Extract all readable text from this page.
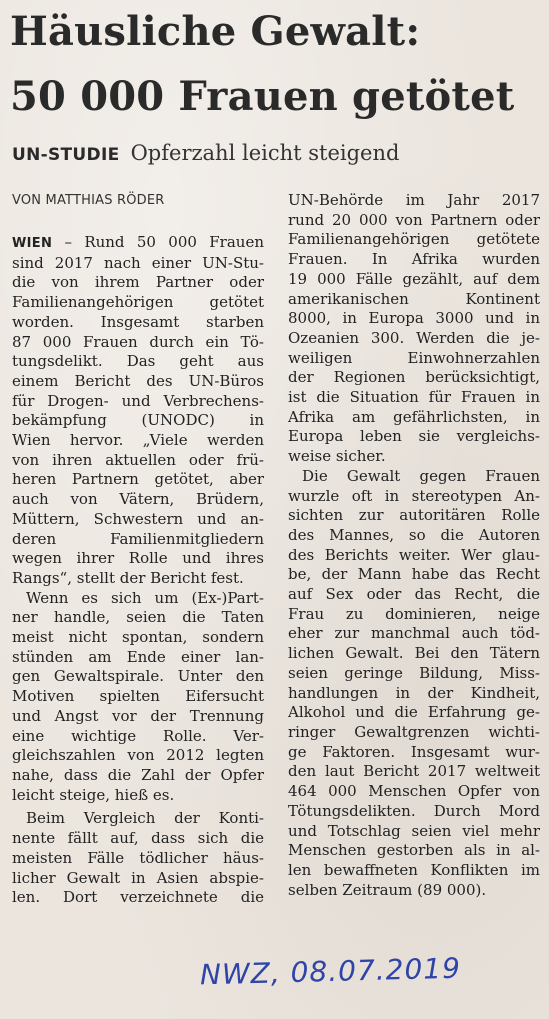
Häusliche Gewalt:
50 000 Frauen getötet
UN-STUDIE Opferzahl leicht steigend
VON MATTHIAS RÖDER
WIEN – Rund 50 000 Frauen
sind 2017 nach einer UN-Stu-
die von ihrem Partner oder
Familienangehörigen getötet
worden. Insgesamt starben
87 000 Frauen durch ein Tö-
tungsdelikt. Das geht aus
einem Bericht des UN-Büros
für Drogen- und Verbrechens-
bekämpfung (UNODC) in
Wien hervor. „Viele werden
von ihren aktuellen oder frü-
heren Partnern getötet, aber
auch von Vätern, Brüdern,
Müttern, Schwestern und an-
deren Familienmitgliedern
wegen ihrer Rolle und ihres
Rangs“, stellt der Bericht fest.
Wenn es sich um (Ex-)Part-
ner handle, seien die Taten
meist nicht spontan, sondern
stünden am Ende einer lan-
gen Gewaltspirale. Unter den
Motiven spielten Eifersucht
und Angst vor der Trennung
eine wichtige Rolle. Ver-
gleichszahlen von 2012 legten
nahe, dass die Zahl der Opfer
leicht steige, hieß es.
Beim Vergleich der Konti-
nente fällt auf, dass sich die
meisten Fälle tödlicher häus-
licher Gewalt in Asien abspie-
len. Dort verzeichnete die
UN-Behörde im Jahr 2017
rund 20 000 von Partnern oder
Familienangehörigen getötete
Frauen. In Afrika wurden
19 000 Fälle gezählt, auf dem
amerikanischen Kontinent
8000, in Europa 3000 und in
Ozeanien 300. Werden die je-
weiligen Einwohnerzahlen
der Regionen berücksichtigt,
ist die Situation für Frauen in
Afrika am gefährlichsten, in
Europa leben sie vergleichs-
weise sicher.
Die Gewalt gegen Frauen
wurzle oft in stereotypen An-
sichten zur autoritären Rolle
des Mannes, so die Autoren
des Berichts weiter. Wer glau-
be, der Mann habe das Recht
auf Sex oder das Recht, die
Frau zu dominieren, neige
eher zur manchmal auch töd-
lichen Gewalt. Bei den Tätern
seien geringe Bildung, Miss-
handlungen in der Kindheit,
Alkohol und die Erfahrung ge-
ringer Gewaltgrenzen wichti-
ge Faktoren. Insgesamt wur-
den laut Bericht 2017 weltweit
464 000 Menschen Opfer von
Tötungsdelikten. Durch Mord
und Totschlag seien viel mehr
Menschen gestorben als in al-
len bewaffneten Konflikten im
selben Zeitraum (89 000).
NWZ, 08.07.2019
